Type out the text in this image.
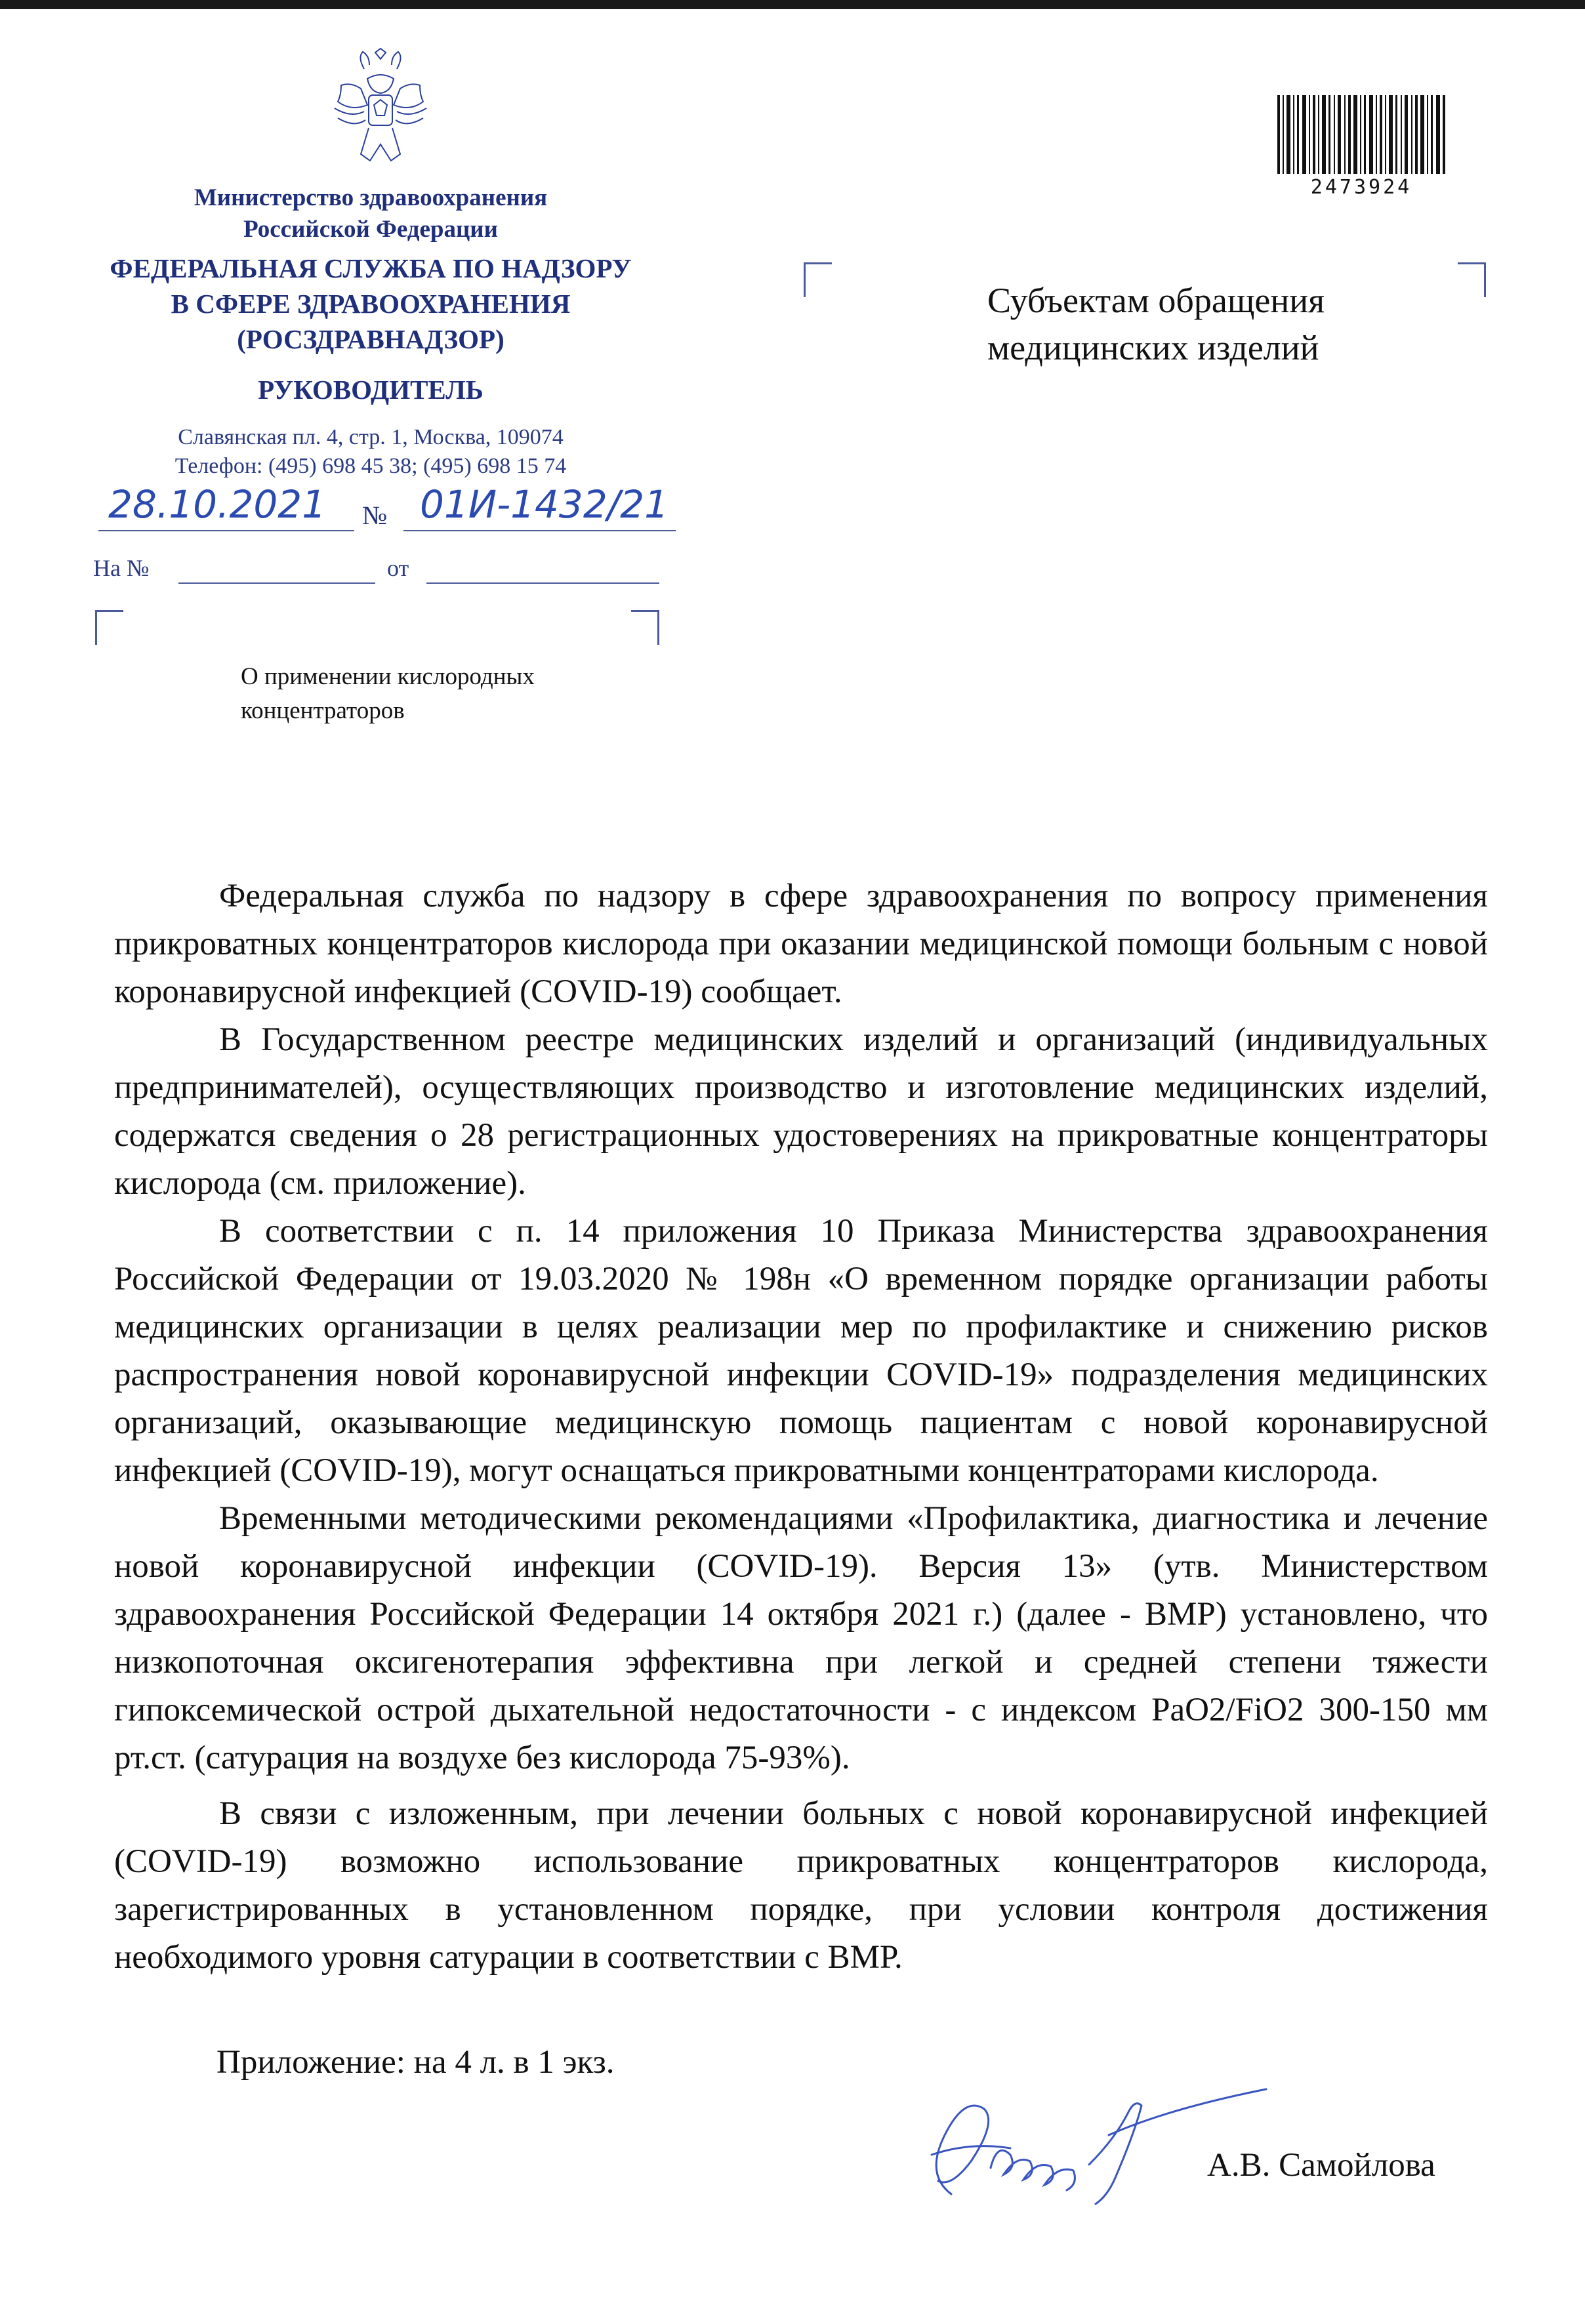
Министерство здравоохранения
Российской Федерации
ФЕДЕРАЛЬНАЯ СЛУЖБА ПО НАДЗОРУ
В СФЕРЕ ЗДРАВООХРАНЕНИЯ
(РОСЗДРАВНАДЗОР)
РУКОВОДИТЕЛЬ
Славянская пл. 4, стр. 1, Москва, 109074
Телефон: (495) 698 45 38; (495) 698 15 74
28.10.2021 № 01И-1432/21
На №	от
2473924
Субъектам обращения
медицинских изделий
О применении кислородных
концентраторов

Федеральная служба по надзору в сфере здравоохранения по вопросу применения прикроватных концентраторов кислорода при оказании медицинской помощи больным с новой коронавирусной инфекцией (COVID-19) сообщает.

В Государственном реестре медицинских изделий и организаций (индивидуальных предпринимателей), осуществляющих производство и изготовление медицинских изделий, содержатся сведения о 28 регистрационных удостоверениях на прикроватные концентраторы кислорода (см. приложение).

В соответствии с п. 14 приложения 10 Приказа Министерства здравоохранения Российской Федерации от 19.03.2020 № 198н «О временном порядке организации работы медицинских организации в целях реализации мер по профилактике и снижению рисков распространения новой коронавирусной инфекции COVID-19» подразделения медицинских организаций, оказывающие медицинскую помощь пациентам с новой коронавирусной инфекцией (COVID-19), могут оснащаться прикроватными концентраторами кислорода.

Временными методическими рекомендациями «Профилактика, диагностика и лечение новой коронавирусной инфекции (COVID-19). Версия 13» (утв. Министерством здравоохранения Российской Федерации 14 октября 2021 г.) (далее - ВМР) установлено, что низкопоточная оксигенотерапия эффективна при легкой и средней степени тяжести гипоксемической острой дыхательной недостаточности - с индексом PaO2/FiO2 300-150 мм рт.ст. (сатурация на воздухе без кислорода 75-93%).

В связи с изложенным, при лечении больных с новой коронавирусной инфекцией (COVID-19) возможно использование прикроватных концентраторов кислорода, зарегистрированных в установленном порядке, при условии контроля достижения необходимого уровня сатурации в соответствии с ВМР.

Приложение: на 4 л. в 1 экз.
А.В. Самойлова
